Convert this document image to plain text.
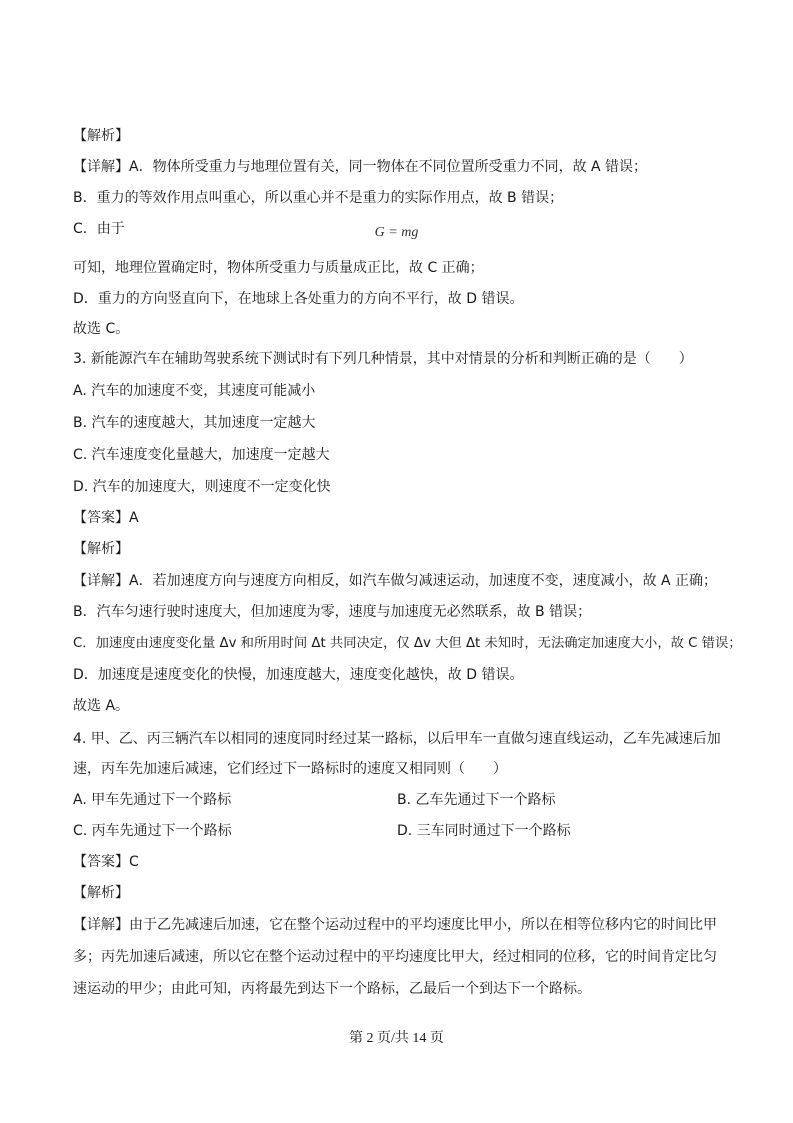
【解析】
【详解】A．物体所受重力与地理位置有关，同一物体在不同位置所受重力不同，故 A 错误；
B．重力的等效作用点叫重心，所以重心并不是重力的实际作用点，故 B 错误；
C．由于	G = mg
可知，地理位置确定时，物体所受重力与质量成正比，故 C 正确；
D．重力的方向竖直向下，在地球上各处重力的方向不平行，故 D 错误。
故选 C。
3. 新能源汽车在辅助驾驶系统下测试时有下列几种情景，其中对情景的分析和判断正确的是（　　）
A. 汽车的加速度不变，其速度可能减小
B. 汽车的速度越大，其加速度一定越大
C. 汽车速度变化量越大，加速度一定越大
D. 汽车的加速度大，则速度不一定变化快
【答案】A
【解析】
【详解】A．若加速度方向与速度方向相反，如汽车做匀减速运动，加速度不变，速度减小，故 A 正确；
B．汽车匀速行驶时速度大，但加速度为零，速度与加速度无必然联系，故 B 错误；
C．加速度由速度变化量 Δv 和所用时间 Δt 共同决定，仅 Δv 大但 Δt 未知时，无法确定加速度大小，故 C 错误；
D．加速度是速度变化的快慢，加速度越大，速度变化越快，故 D 错误。
故选 A。
4. 甲、乙、丙三辆汽车以相同的速度同时经过某一路标，以后甲车一直做匀速直线运动，乙车先减速后加
速，丙车先加速后减速，它们经过下一路标时的速度又相同则（　　）
A. 甲车先通过下一个路标	B. 乙车先通过下一个路标
C. 丙车先通过下一个路标	D. 三车同时通过下一个路标
【答案】C
【解析】
【详解】由于乙先减速后加速，它在整个运动过程中的平均速度比甲小，所以在相等位移内它的时间比甲
多；丙先加速后减速，所以它在整个运动过程中的平均速度比甲大，经过相同的位移，它的时间肯定比匀
速运动的甲少；由此可知，丙将最先到达下一个路标，乙最后一个到达下一个路标。
第 2 页/共 14 页
